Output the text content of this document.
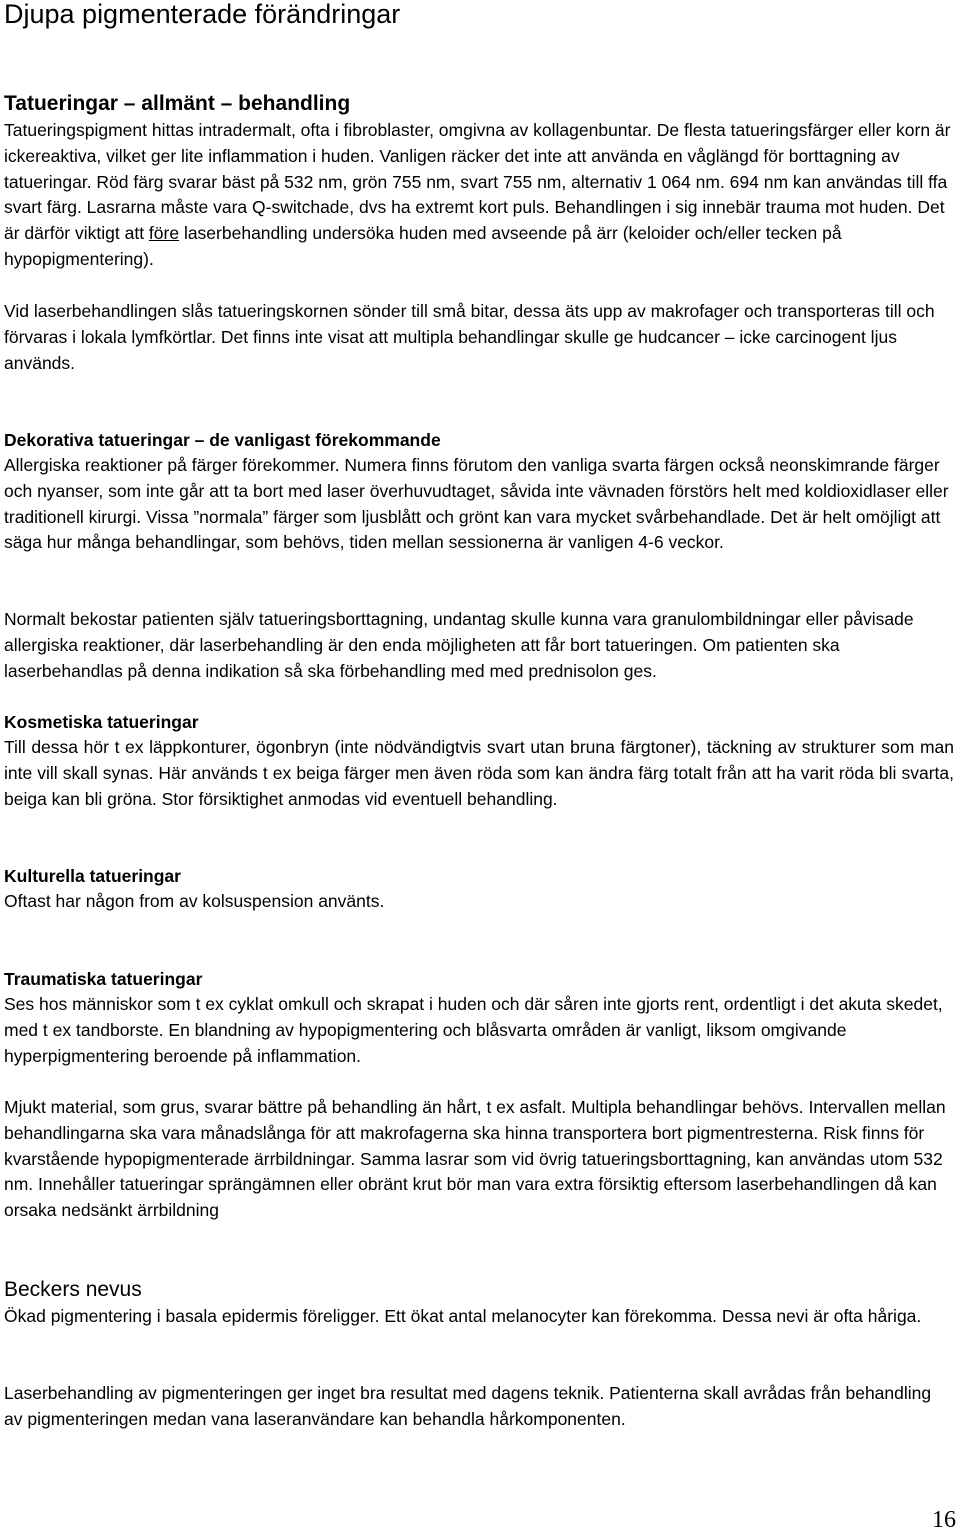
Djupa pigmenterade förändringar
Tatueringar – allmänt – behandling

Tatueringspigment hittas intradermalt, ofta i fibroblaster, omgivna av kollagenbuntar. De flesta tatueringsfärger eller korn är ickereaktiva, vilket ger lite inflammation i huden. Vanligen räcker det inte att använda en våglängd för borttagning av tatueringar. Röd färg svarar bäst på 532 nm, grön 755 nm, svart 755 nm, alternativ 1 064 nm. 694 nm kan användas till ffa svart färg. Lasrarna måste vara Q-switchade, dvs ha extremt kort puls. Behandlingen i sig innebär trauma mot huden. Det är därför viktigt att före laserbehandling undersöka huden med avseende på ärr (keloider och/eller tecken på hypopigmentering).

Vid laserbehandlingen slås tatueringskornen sönder till små bitar, dessa äts upp av makrofager och transporteras till och förvaras i lokala lymfkörtlar. Det finns inte visat att multipla behandlingar skulle ge hudcancer – icke carcinogent ljus används.

Dekorativa tatueringar – de vanligast förekommande

Allergiska reaktioner på färger förekommer. Numera finns förutom den vanliga svarta färgen också neonskimrande färger och nyanser, som inte går att ta bort med laser överhuvudtaget, såvida inte vävnaden förstörs helt med koldioxidlaser eller traditionell kirurgi. Vissa ”normala” färger som ljusblått och grönt kan vara mycket svårbehandlade. Det är helt omöjligt att säga hur många behandlingar, som behövs, tiden mellan sessionerna är vanligen 4-6 veckor.

Normalt bekostar patienten själv tatueringsborttagning, undantag skulle kunna vara granulombildningar eller påvisade allergiska reaktioner, där laserbehandling är den enda möjligheten att får bort tatueringen. Om patienten ska laserbehandlas på denna indikation så ska förbehandling med med prednisolon ges.

Kosmetiska tatueringar

Till dessa hör t ex läppkonturer, ögonbryn (inte nödvändigtvis svart utan bruna färgtoner), täckning av strukturer som man inte vill skall synas. Här används t ex beiga färger men även röda som kan ändra färg totalt från att ha varit röda bli svarta, beiga kan bli gröna. Stor försiktighet anmodas vid eventuell behandling.

Kulturella tatueringar

Oftast har någon from av kolsuspension använts.

Traumatiska tatueringar

Ses hos människor som t ex cyklat omkull och skrapat i huden och där såren inte gjorts rent, ordentligt i det akuta skedet, med t ex tandborste. En blandning av hypopigmentering och blåsvarta områden är vanligt, liksom omgivande hyperpigmentering beroende på inflammation.

Mjukt material, som grus, svarar bättre på behandling än hårt, t ex asfalt. Multipla behandlingar behövs. Intervallen mellan behandlingarna ska vara månadslånga för att makrofagerna ska hinna transportera bort pigmentresterna. Risk finns för kvarstående hypopigmenterade ärrbildningar. Samma lasrar som vid övrig tatueringsborttagning, kan användas utom 532 nm. Innehåller tatueringar sprängämnen eller obränt krut bör man vara extra försiktig eftersom laserbehandlingen då kan orsaka nedsänkt ärrbildning

Beckers nevus

Ökad pigmentering i basala epidermis föreligger. Ett ökat antal melanocyter kan förekomma. Dessa nevi är ofta håriga.

Laserbehandling av pigmenteringen ger inget bra resultat med dagens teknik. Patienterna skall avrådas från behandling av pigmenteringen medan vana laseranvändare kan behandla hårkomponenten.

16
